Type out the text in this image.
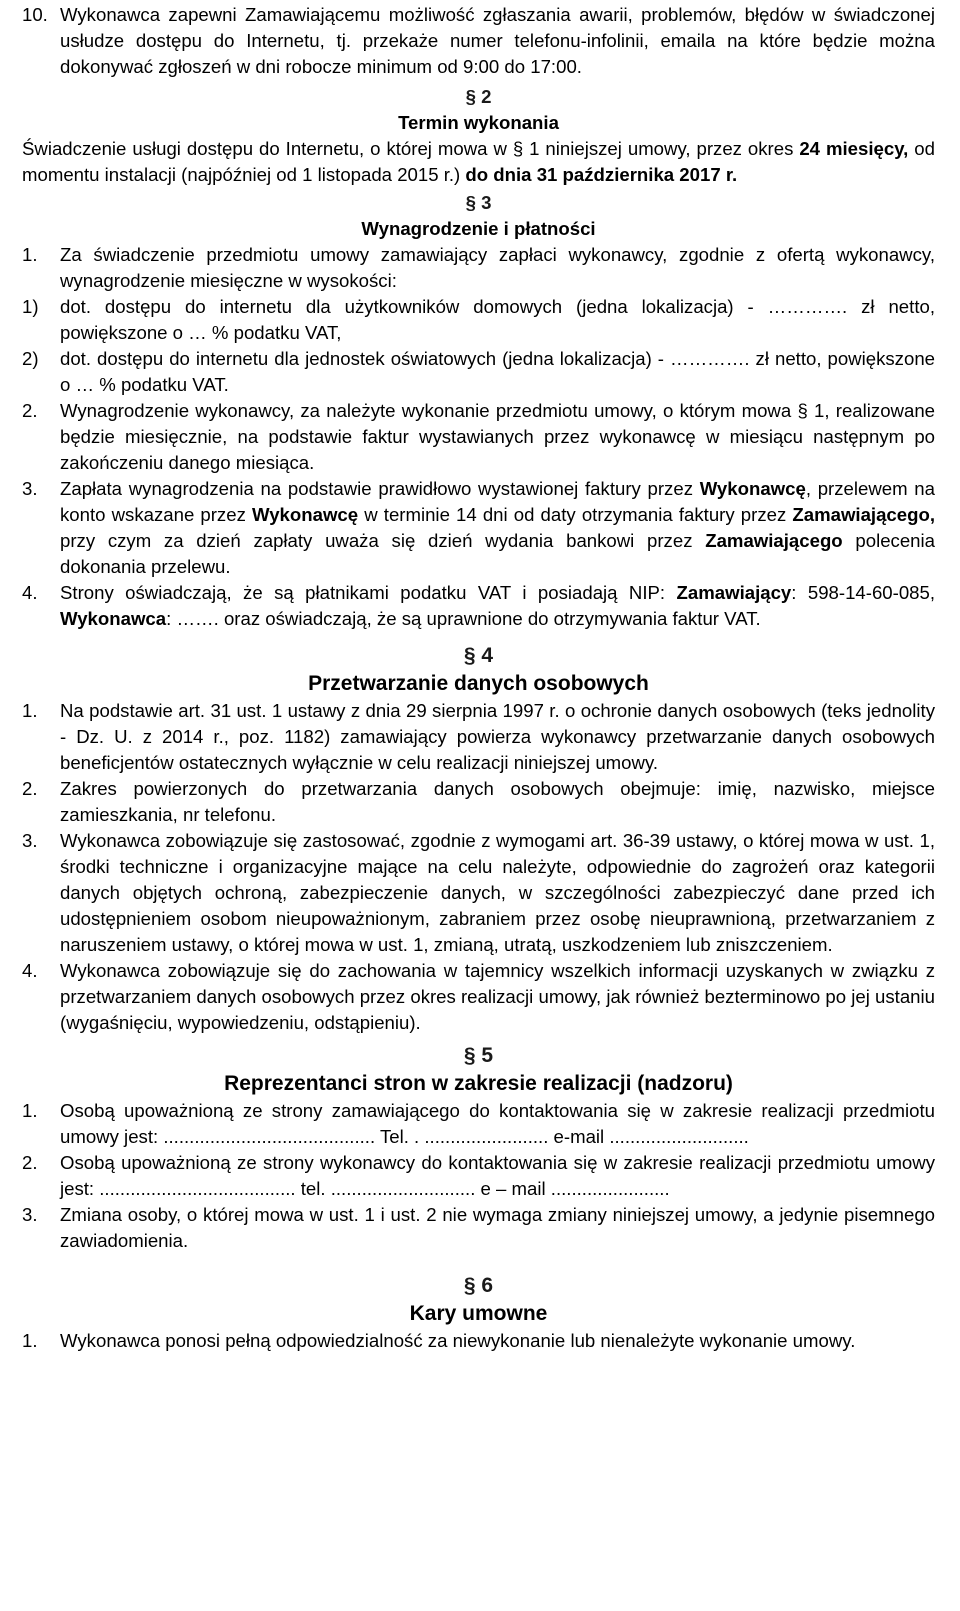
10. Wykonawca zapewni Zamawiającemu możliwość zgłaszania awarii, problemów, błędów w świadczonej usłudze dostępu do Internetu, tj. przekaże numer telefonu-infolinii, emaila na które będzie można dokonywać zgłoszeń w dni robocze minimum od 9:00 do 17:00.
§ 2
Termin wykonania
Świadczenie usługi dostępu do Internetu, o której mowa w § 1 niniejszej umowy, przez okres 24 miesięcy, od momentu instalacji (najpóźniej od 1 listopada 2015 r.) do dnia 31 października 2017 r.
§ 3
Wynagrodzenie i płatności
1. Za świadczenie przedmiotu umowy zamawiający zapłaci wykonawcy, zgodnie z ofertą wykonawcy, wynagrodzenie miesięczne w wysokości:
1) dot. dostępu do internetu dla użytkowników domowych (jedna lokalizacja) - …………. zł netto, powiększone o … % podatku VAT,
2) dot. dostępu do internetu dla jednostek oświatowych (jedna lokalizacja) - …………. zł netto, powiększone o … % podatku VAT.
2. Wynagrodzenie wykonawcy, za należyte wykonanie przedmiotu umowy, o którym mowa § 1, realizowane będzie miesięcznie, na podstawie faktur wystawianych przez wykonawcę w miesiącu następnym po zakończeniu danego miesiąca.
3. Zapłata wynagrodzenia na podstawie prawidłowo wystawionej faktury przez Wykonawcę, przelewem na konto wskazane przez Wykonawcę w terminie 14 dni od daty otrzymania faktury przez Zamawiającego, przy czym za dzień zapłaty uważa się dzień wydania bankowi przez Zamawiającego polecenia dokonania przelewu.
4. Strony oświadczają, że są płatnikami podatku VAT i posiadają NIP: Zamawiający: 598-14-60-085, Wykonawca: ……. oraz oświadczają, że są uprawnione do otrzymywania faktur VAT.
§ 4
Przetwarzanie danych osobowych
1. Na podstawie art. 31 ust. 1 ustawy z dnia 29 sierpnia 1997 r. o ochronie danych osobowych (teks jednolity - Dz. U. z 2014 r., poz. 1182) zamawiający powierza wykonawcy przetwarzanie danych osobowych beneficjentów ostatecznych wyłącznie w celu realizacji niniejszej umowy.
2. Zakres powierzonych do przetwarzania danych osobowych obejmuje: imię, nazwisko, miejsce zamieszkania, nr telefonu.
3. Wykonawca zobowiązuje się zastosować, zgodnie z wymogami art. 36-39 ustawy, o której mowa w ust. 1, środki techniczne i organizacyjne mające na celu należyte, odpowiednie do zagrożeń oraz kategorii danych objętych ochroną, zabezpieczenie danych, w szczególności zabezpieczyć dane przed ich udostępnieniem osobom nieupoważnionym, zabraniem przez osobę nieuprawnioną, przetwarzaniem z naruszeniem ustawy, o której mowa w ust. 1, zmianą, utratą, uszkodzeniem lub zniszczeniem.
4. Wykonawca zobowiązuje się do zachowania w tajemnicy wszelkich informacji uzyskanych w związku z przetwarzaniem danych osobowych przez okres realizacji umowy, jak również bezterminowo po jej ustaniu (wygaśnięciu, wypowiedzeniu, odstąpieniu).
§ 5
Reprezentanci stron w zakresie realizacji (nadzoru)
1. Osobą upoważnioną ze strony zamawiającego do kontaktowania się w zakresie realizacji przedmiotu umowy jest: ......................................... Tel. . ........................ e-mail ...........................
2. Osobą upoważnioną ze strony wykonawcy do kontaktowania się w zakresie realizacji przedmiotu umowy jest: ...................................... tel. ............................ e – mail .......................
3. Zmiana osoby, o której mowa w ust. 1 i ust. 2 nie wymaga zmiany niniejszej umowy, a jedynie pisemnego zawiadomienia.
§ 6
Kary umowne
1. Wykonawca ponosi pełną odpowiedzialność za niewykonanie lub nienależyte wykonanie umowy.
